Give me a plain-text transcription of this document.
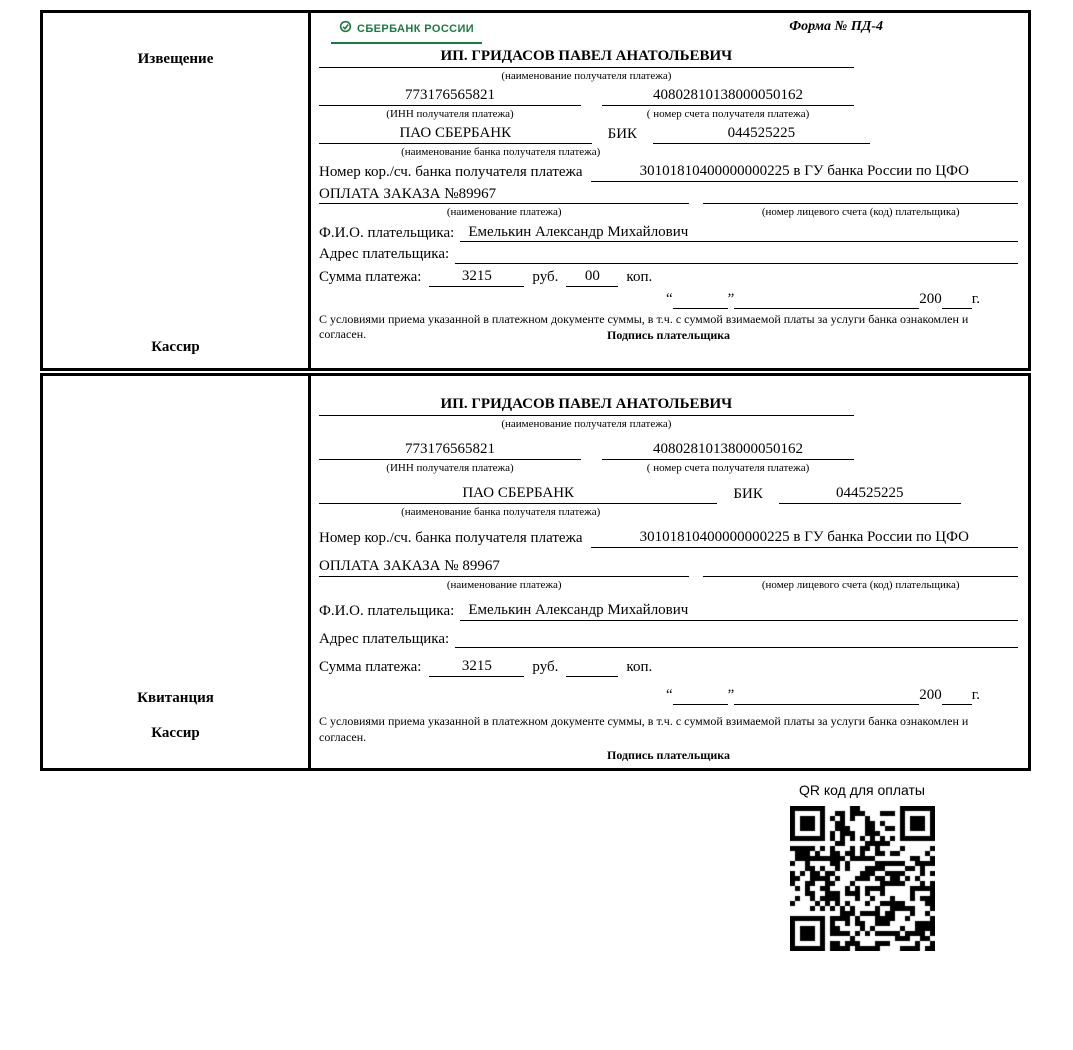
Извещение
Кассир
СБЕРБАНК РОССИИ	Форма № ПД-4
ИП. ГРИДАСОВ ПАВЕЛ АНАТОЛЬЕВИЧ
(наименование получателя платежа)
773176565821	40802810138000050162
(ИНН получателя платежа)	( номер счета получателя платежа)
ПАО СБЕРБАНК	БИК	044525225
(наименование банка получателя платежа)
Номер кор./сч. банка получателя платежа	30101810400000000225 в ГУ банка России по ЦФО
ОПЛАТА ЗАКАЗА №89967
(наименование платежа)	(номер лицевого счета (код) плательщика)
Ф.И.О. плательщика: Емелькин Александр Михайлович
Адрес плательщика:
Сумма платежа:	3215	руб.	00	коп.
“	”	200 г.
С условиями приема указанной в платежном документе суммы, в т.ч. с суммой взимаемой платы за услуги банка ознакомлен и согласен.	Подпись плательщика
Квитанция
Кассир
ИП. ГРИДАСОВ ПАВЕЛ АНАТОЛЬЕВИЧ
(наименование получателя платежа)
773176565821	40802810138000050162
(ИНН получателя платежа)	( номер счета получателя платежа)
ПАО СБЕРБАНК	БИК	044525225
(наименование банка получателя платежа)
Номер кор./сч. банка получателя платежа	30101810400000000225 в ГУ банка России по ЦФО
ОПЛАТА ЗАКАЗА № 89967
(наименование платежа)	(номер лицевого счета (код) плательщика)
Ф.И.О. плательщика: Емелькин Александр Михайлович
Адрес плательщика:
Сумма платежа:	3215	руб.	коп.
“	”	200 г.
С условиями приема указанной в платежном документе суммы, в т.ч. с суммой взимаемой платы за услуги банка ознакомлен и согласен.
Подпись плательщика
QR код для оплаты
